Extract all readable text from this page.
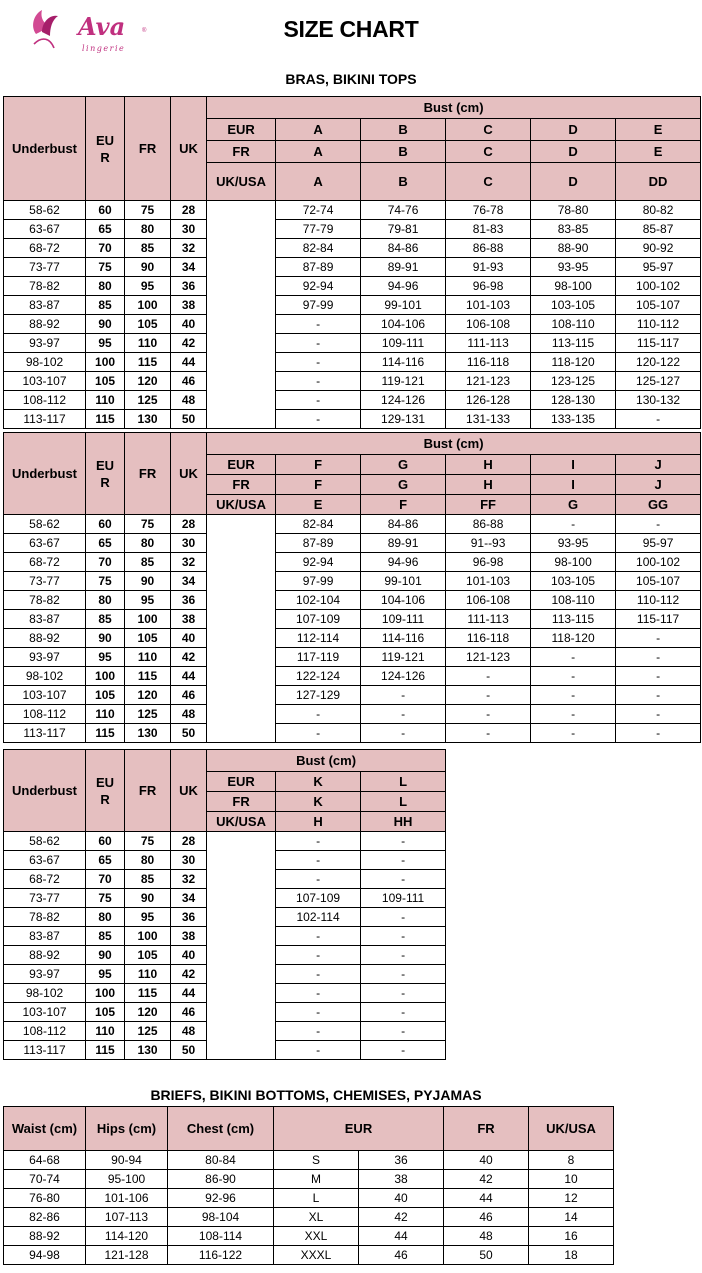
Ava	®
lingerie
SIZE CHART
BRAS, BIKINI TOPS
Underbust	EU R	FR	UK	Bust (cm)					
				EUR	A	B	C	D	E
				FR	A	B	C	D	E
				UK/USA	A	B	C	D	DD
58-62	60	75	28		72-74	74-76	76-78	78-80	80-82
63-67	65	80	30		77-79	79-81	81-83	83-85	85-87
68-72	70	85	32		82-84	84-86	86-88	88-90	90-92
73-77	75	90	34		87-89	89-91	91-93	93-95	95-97
78-82	80	95	36		92-94	94-96	96-98	98-100	100-102
83-87	85	100	38		97-99	99-101	101-103	103-105	105-107
88-92	90	105	40		-	104-106	106-108	108-110	110-112
93-97	95	110	42		-	109-111	111-113	113-115	115-117
98-102	100	115	44		-	114-116	116-118	118-120	120-122
103-107	105	120	46		-	119-121	121-123	123-125	125-127
108-112	110	125	48		-	124-126	126-128	128-130	130-132
113-117	115	130	50		-	129-131	131-133	133-135	-
Underbust	EU R	FR	UK	Bust (cm)					
				EUR	F	G	H	I	J
				FR	F	G	H	I	J
				UK/USA	E	F	FF	G	GG
58-62	60	75	28		82-84	84-86	86-88	-	-
63-67	65	80	30		87-89	89-91	91--93	93-95	95-97
68-72	70	85	32		92-94	94-96	96-98	98-100	100-102
73-77	75	90	34		97-99	99-101	101-103	103-105	105-107
78-82	80	95	36		102-104	104-106	106-108	108-110	110-112
83-87	85	100	38		107-109	109-111	111-113	113-115	115-117
88-92	90	105	40		112-114	114-116	116-118	118-120	-
93-97	95	110	42		117-119	119-121	121-123	-	-
98-102	100	115	44		122-124	124-126	-	-	-
103-107	105	120	46		127-129	-	-	-	-
108-112	110	125	48		-	-	-	-	-
113-117	115	130	50		-	-	-	-	-
Underbust	EU R	FR	UK	Bust (cm)		
				EUR	K	L
				FR	K	L
				UK/USA	H	HH
58-62	60	75	28		-	-
63-67	65	80	30		-	-
68-72	70	85	32		-	-
73-77	75	90	34		107-109	109-111
78-82	80	95	36		102-114	-
83-87	85	100	38		-	-
88-92	90	105	40		-	-
93-97	95	110	42		-	-
98-102	100	115	44		-	-
103-107	105	120	46		-	-
108-112	110	125	48		-	-
113-117	115	130	50		-	-
BRIEFS, BIKINI BOTTOMS, CHEMISES, PYJAMAS
Waist (cm)	Hips (cm)	Chest (cm)	EUR		FR	UK/USA
64-68	90-94	80-84	S	36	40	8
70-74	95-100	86-90	M	38	42	10
76-80	101-106	92-96	L	40	44	12
82-86	107-113	98-104	XL	42	46	14
88-92	114-120	108-114	XXL	44	48	16
94-98	121-128	116-122	XXXL	46	50	18
